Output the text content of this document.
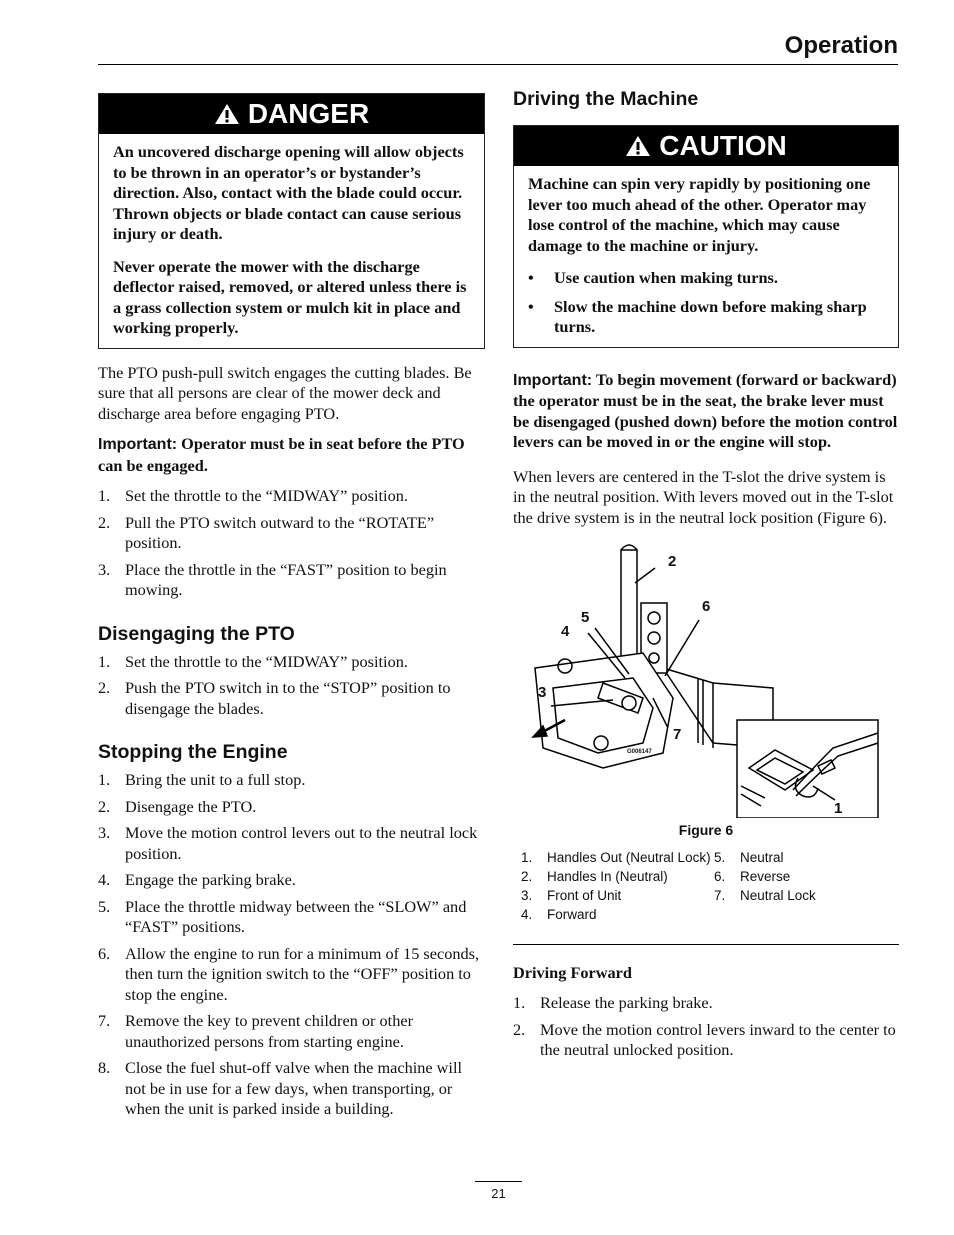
Operation
DANGER

An uncovered discharge opening will allow objects to be thrown in an operator’s or bystander’s direction. Also, contact with the blade could occur. Thrown objects or blade contact can cause serious injury or death.

Never operate the mower with the discharge deflector raised, removed, or altered unless there is a grass collection system or mulch kit in place and working properly.

The PTO push-pull switch engages the cutting blades. Be sure that all persons are clear of the mower deck and discharge area before engaging PTO.

Important: Operator must be in seat before the PTO can be engaged.

1. Set the throttle to the “MIDWAY” position.
2. Pull the PTO switch outward to the “ROTATE” position.
3. Place the throttle in the “FAST” position to begin mowing.
Disengaging the PTO
1. Set the throttle to the “MIDWAY” position.
2. Push the PTO switch in to the “STOP” position to disengage the blades.
Stopping the Engine
1. Bring the unit to a full stop.
2. Disengage the PTO.
3. Move the motion control levers out to the neutral lock position.
4. Engage the parking brake.
5. Place the throttle midway between the “SLOW” and “FAST” positions.
6. Allow the engine to run for a minimum of 15 seconds, then turn the ignition switch to the “OFF” position to stop the engine.
7. Remove the key to prevent children or other unauthorized persons from starting engine.
8. Close the fuel shut-off valve when the machine will not be in use for a few days, when transporting, or when the unit is parked inside a building.
Driving the Machine
CAUTION

Machine can spin very rapidly by positioning one lever too much ahead of the other. Operator may lose control of the machine, which may cause damage to the machine or injury.

• Use caution when making turns.
• Slow the machine down before making sharp turns.

Important: To begin movement (forward or backward) the operator must be in the seat, the brake lever must be disengaged (pushed down) before the motion control levers can be moved in or the engine will stop.

When levers are centered in the T-slot the drive system is in the neutral position. With levers moved out in the T-slot the drive system is in the neutral lock position (Figure 6).

2
6
5
4
3
7
1
G006147
Figure 6
1. Handles Out (Neutral Lock) 5. Neutral
2. Handles In (Neutral)	6. Reverse
3. Front of Unit	7. Neutral Lock
4. Forward

Driving Forward

1. Release the parking brake.
2. Move the motion control levers inward to the center to the neutral unlocked position.
21
